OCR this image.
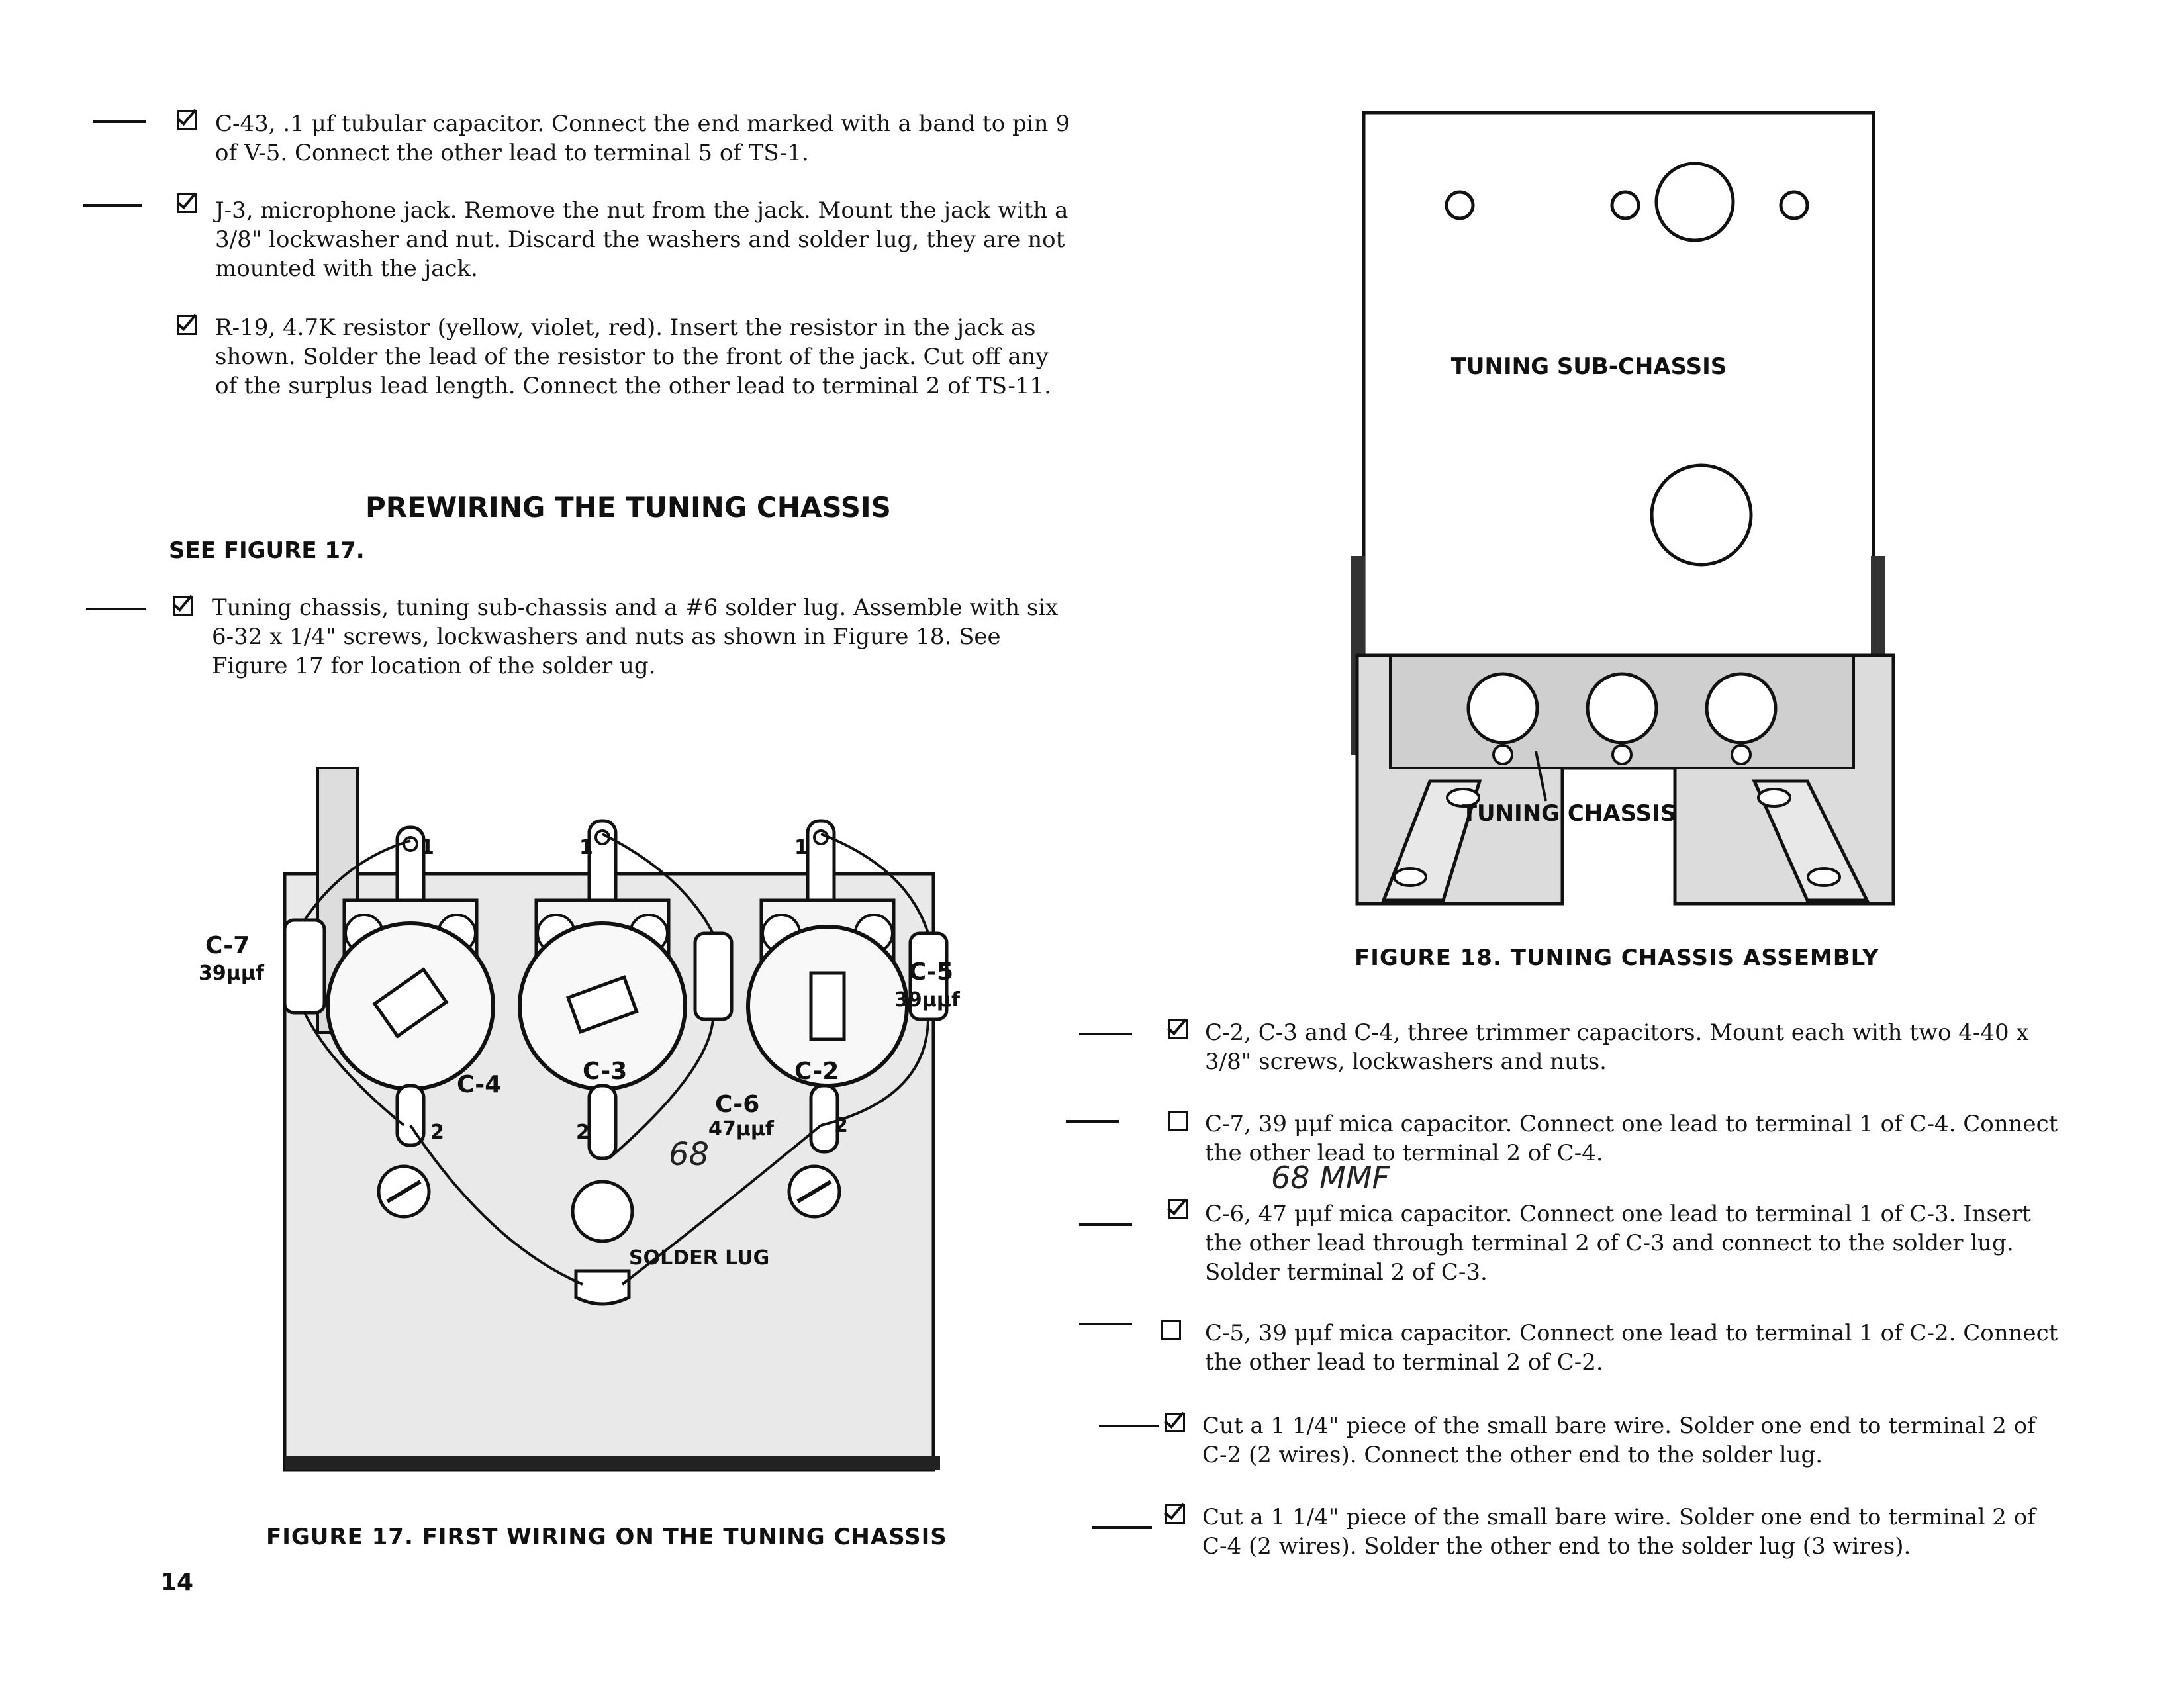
C-43, .1 μf tubular capacitor. Connect the end marked with a band to pin 9 of V-5. Connect the other lead to terminal 5 of TS-1.

J-3, microphone jack. Remove the nut from the jack. Mount the jack with a 3/8" lockwasher and nut. Discard the washers and solder lug, they are not mounted with the jack.

R-19, 4.7K resistor (yellow, violet, red). Insert the resistor in the jack as shown. Solder the lead of the resistor to the front of the jack. Cut off any of the surplus lead length. Connect the other lead to terminal 2 of TS-11.

PREWIRING THE TUNING CHASSIS
SEE FIGURE 17.

Tuning chassis, tuning sub-chassis and a #6 solder lug. Assemble with six 6-32 x 1/4" screws, lockwashers and nuts as shown in Figure 18. See Figure 17 for location of the solder ug.

C-7
39μμf	C-5
39μμf
C-4	C-3	C-2
C-6
47μμf
68
1	1	1
2	2	2
SOLDER LUG
FIGURE 17. FIRST WIRING ON THE TUNING CHASSIS
14
TUNING SUB-CHASSIS
TUNING CHASSIS
FIGURE 18. TUNING CHASSIS ASSEMBLY

C-2, C-3 and C-4, three trimmer capacitors. Mount each with two 4-40 x 3/8" screws, lockwashers and nuts.

C-7, 39 μμf mica capacitor. Connect one lead to terminal 1 of C-4. Connect the other lead to terminal 2 of C-4.

68 MMF

C-6, 47 μμf mica capacitor. Connect one lead to terminal 1 of C-3. Insert the other lead through terminal 2 of C-3 and connect to the solder lug. Solder terminal 2 of C-3.

C-5, 39 μμf mica capacitor. Connect one lead to terminal 1 of C-2. Connect the other lead to terminal 2 of C-2.

Cut a 1 1/4" piece of the small bare wire. Solder one end to terminal 2 of C-2 (2 wires). Connect the other end to the solder lug.

Cut a 1 1/4" piece of the small bare wire. Solder one end to terminal 2 of C-4 (2 wires). Solder the other end to the solder lug (3 wires).
